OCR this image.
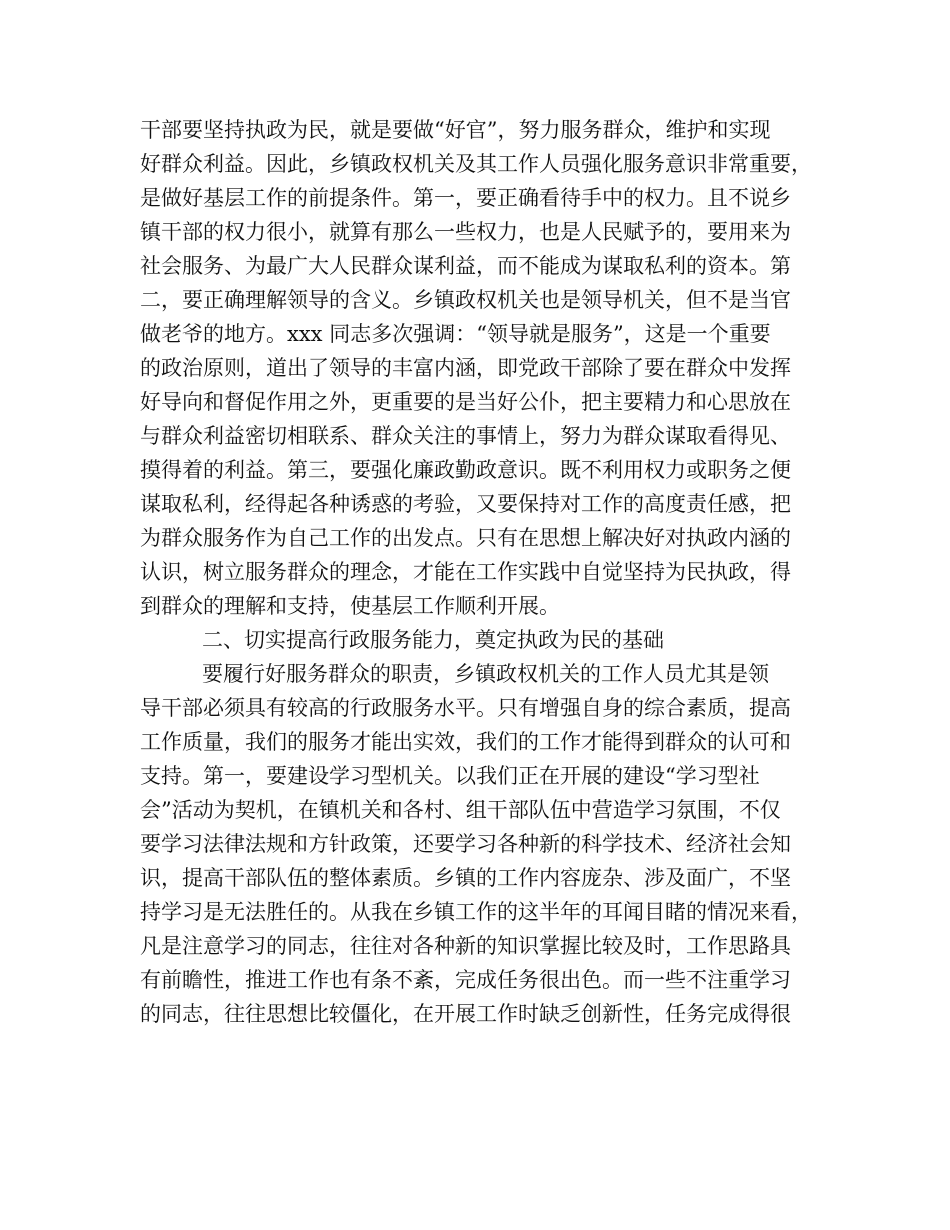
干部要坚持执政为民，就是要做“好官”，努力服务群众，维护和实现
好群众利益。因此，乡镇政权机关及其工作人员强化服务意识非常重要，
是做好基层工作的前提条件。第一，要正确看待手中的权力。且不说乡
镇干部的权力很小，就算有那么一些权力，也是人民赋予的，要用来为
社会服务、为最广大人民群众谋利益，而不能成为谋取私利的资本。第
二，要正确理解领导的含义。乡镇政权机关也是领导机关，但不是当官
做老爷的地方。xxx 同志多次强调：“领导就是服务”，这是一个重要
的政治原则，道出了领导的丰富内涵，即党政干部除了要在群众中发挥
好导向和督促作用之外，更重要的是当好公仆，把主要精力和心思放在
与群众利益密切相联系、群众关注的事情上，努力为群众谋取看得见、
摸得着的利益。第三，要强化廉政勤政意识。既不利用权力或职务之便
谋取私利，经得起各种诱惑的考验，又要保持对工作的高度责任感，把
为群众服务作为自己工作的出发点。只有在思想上解决好对执政内涵的
认识，树立服务群众的理念，才能在工作实践中自觉坚持为民执政，得
到群众的理解和支持，使基层工作顺利开展。
二、切实提高行政服务能力，奠定执政为民的基础
要履行好服务群众的职责，乡镇政权机关的工作人员尤其是领
导干部必须具有较高的行政服务水平。只有增强自身的综合素质，提高
工作质量，我们的服务才能出实效，我们的工作才能得到群众的认可和
支持。第一，要建设学习型机关。以我们正在开展的建设“学习型社
会”活动为契机，在镇机关和各村、组干部队伍中营造学习氛围，不仅
要学习法律法规和方针政策，还要学习各种新的科学技术、经济社会知
识，提高干部队伍的整体素质。乡镇的工作内容庞杂、涉及面广，不坚
持学习是无法胜任的。从我在乡镇工作的这半年的耳闻目睹的情况来看，
凡是注意学习的同志，往往对各种新的知识掌握比较及时，工作思路具
有前瞻性，推进工作也有条不紊，完成任务很出色。而一些不注重学习
的同志，往往思想比较僵化，在开展工作时缺乏创新性，任务完成得很
